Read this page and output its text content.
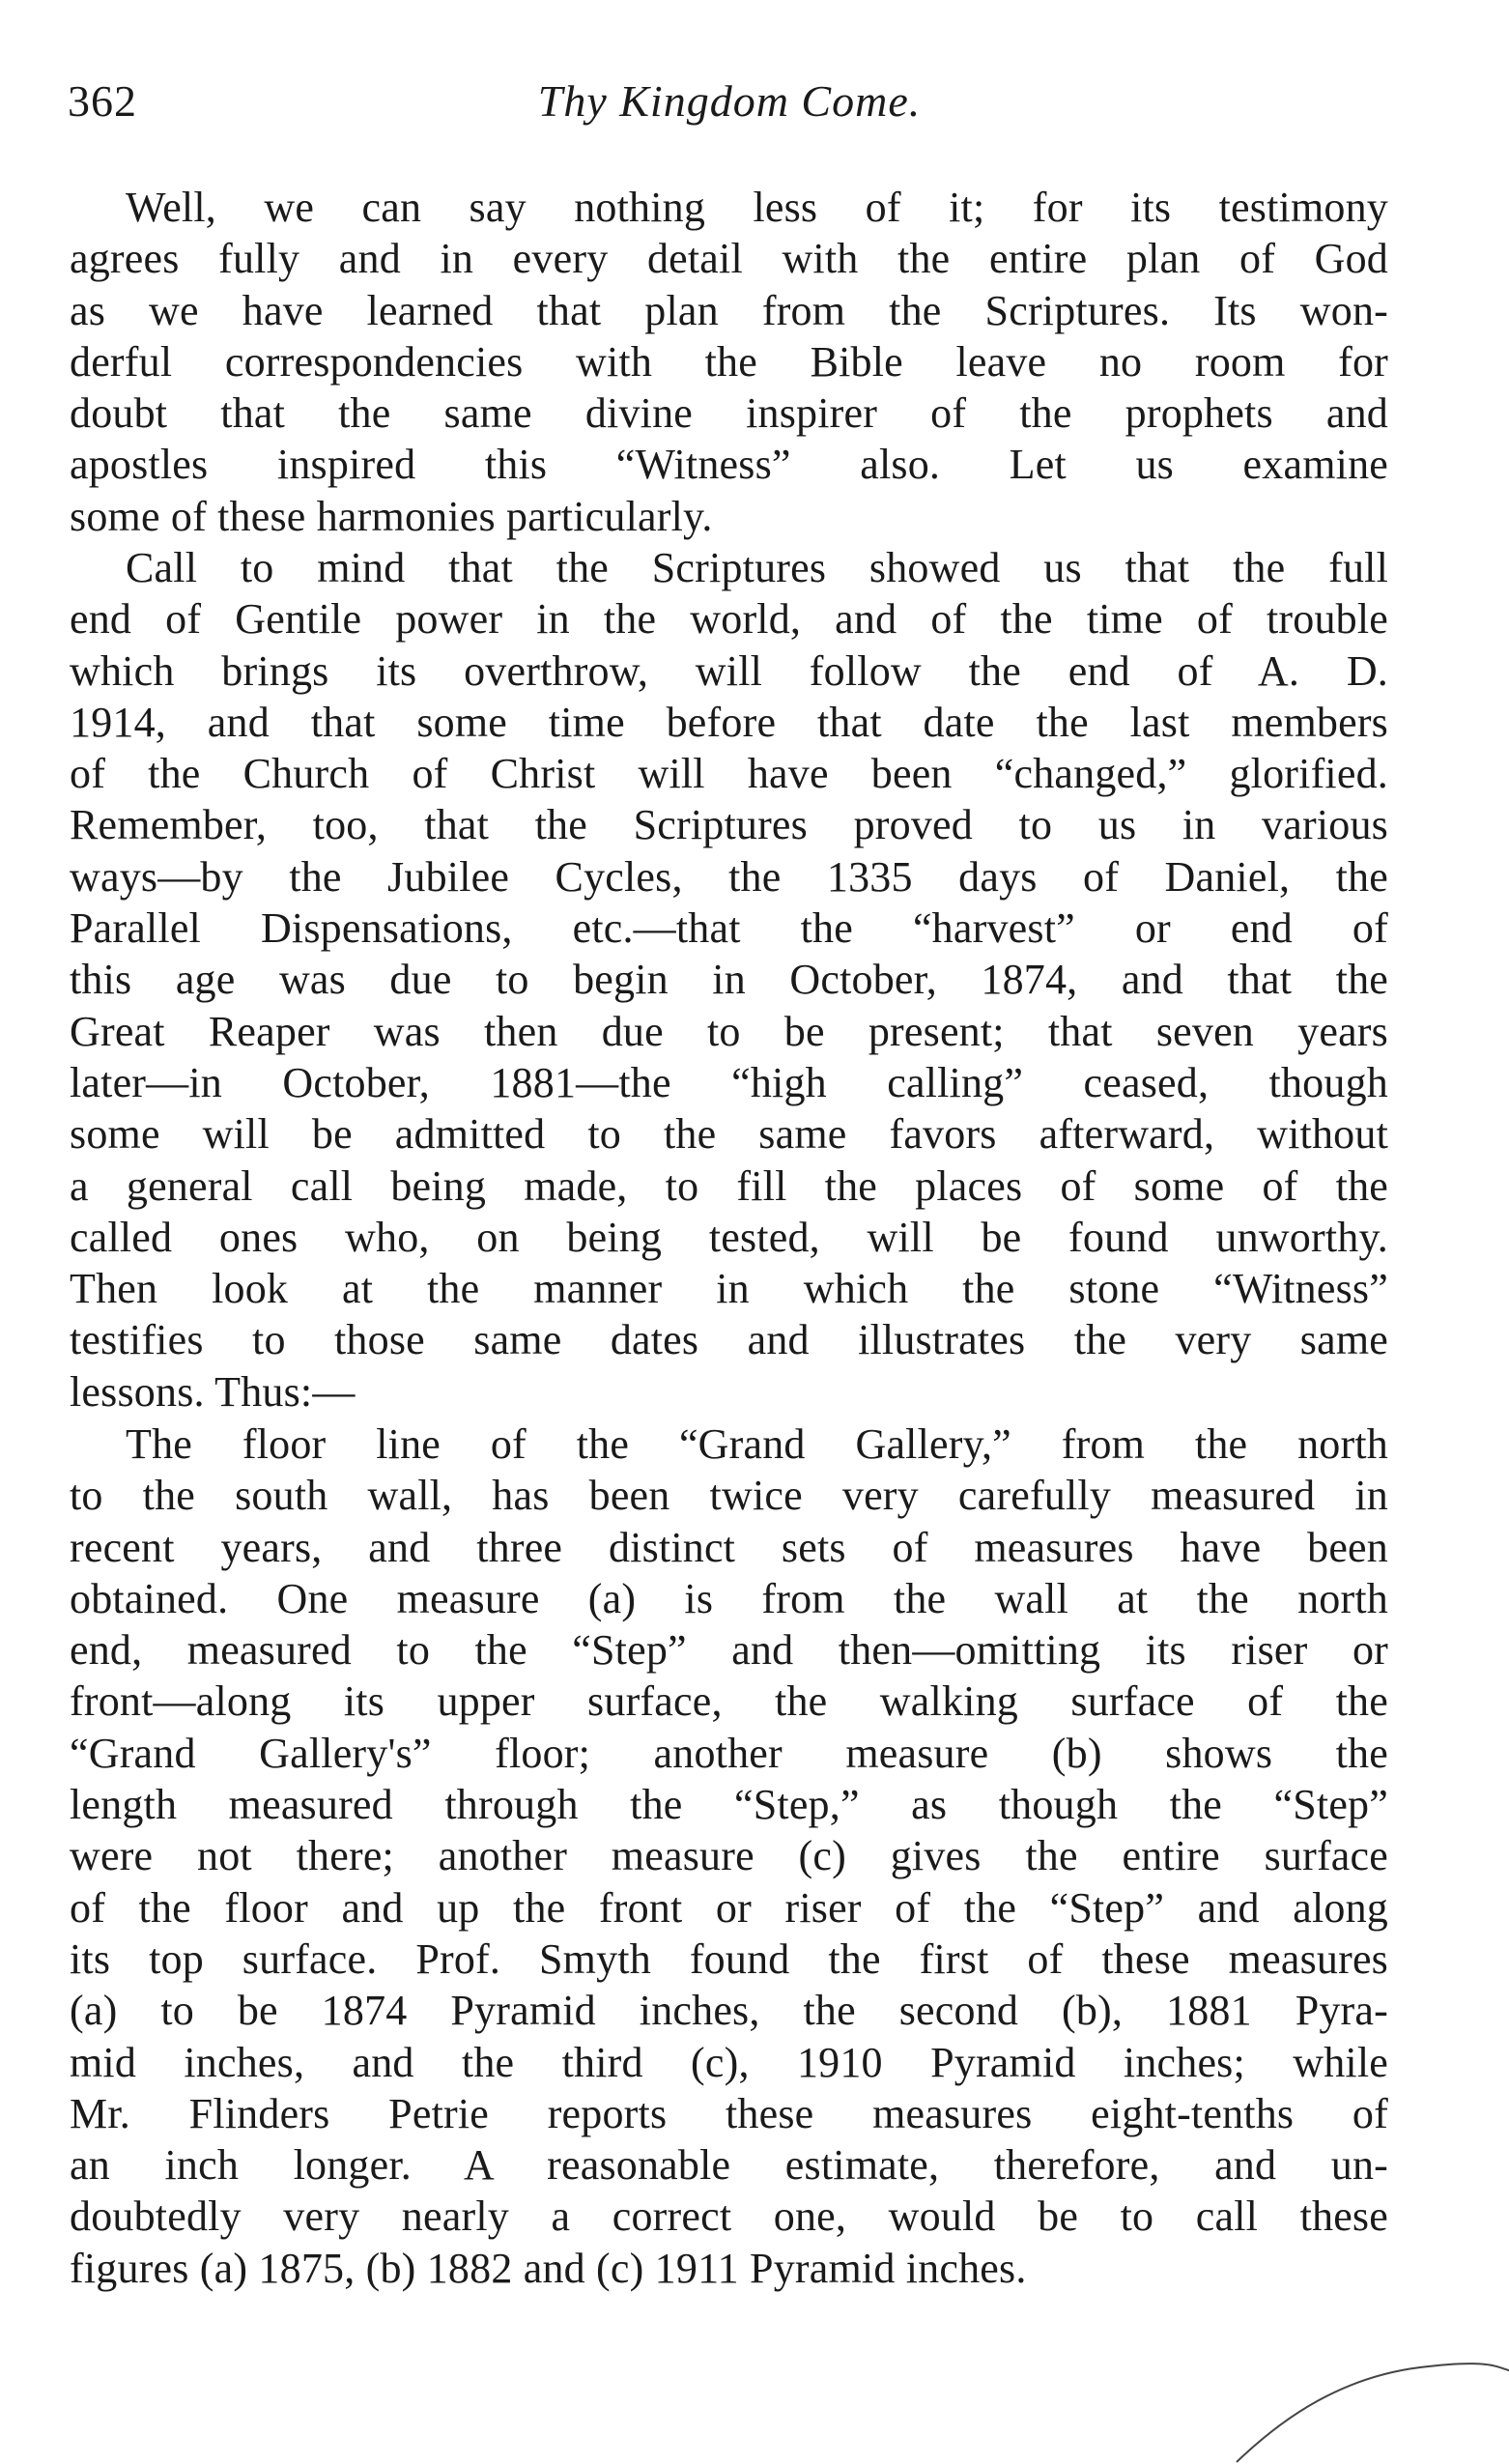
362	Thy Kingdom Come.
Well, we can say nothing less of it; for its testimony
agrees fully and in every detail with the entire plan of God
as we have learned that plan from the Scriptures. Its won-
derful correspondencies with the Bible leave no room for
doubt that the same divine inspirer of the prophets and
apostles inspired this “Witness” also. Let us examine
some of these harmonies particularly.
Call to mind that the Scriptures showed us that the full
end of Gentile power in the world, and of the time of trouble
which brings its overthrow, will follow the end of A. D.
1914, and that some time before that date the last members
of the Church of Christ will have been “changed,” glorified.
Remember, too, that the Scriptures proved to us in various
ways—by the Jubilee Cycles, the 1335 days of Daniel, the
Parallel Dispensations, etc.—that the “harvest” or end of
this age was due to begin in October, 1874, and that the
Great Reaper was then due to be present; that seven years
later—in October, 1881—the “high calling” ceased, though
some will be admitted to the same favors afterward, without
a general call being made, to fill the places of some of the
called ones who, on being tested, will be found unworthy.
Then look at the manner in which the stone “Witness”
testifies to those same dates and illustrates the very same
lessons. Thus:—
The floor line of the “Grand Gallery,” from the north
to the south wall, has been twice very carefully measured in
recent years, and three distinct sets of measures have been
obtained. One measure (a) is from the wall at the north
end, measured to the “Step” and then—omitting its riser or
front—along its upper surface, the walking surface of the
“Grand Gallery's” floor; another measure (b) shows the
length measured through the “Step,” as though the “Step”
were not there; another measure (c) gives the entire surface
of the floor and up the front or riser of the “Step” and along
its top surface. Prof. Smyth found the first of these measures
(a) to be 1874 Pyramid inches, the second (b), 1881 Pyra-
mid inches, and the third (c), 1910 Pyramid inches; while
Mr. Flinders Petrie reports these measures eight-tenths of
an inch longer. A reasonable estimate, therefore, and un-
doubtedly very nearly a correct one, would be to call these
figures (a) 1875, (b) 1882 and (c) 1911 Pyramid inches.
